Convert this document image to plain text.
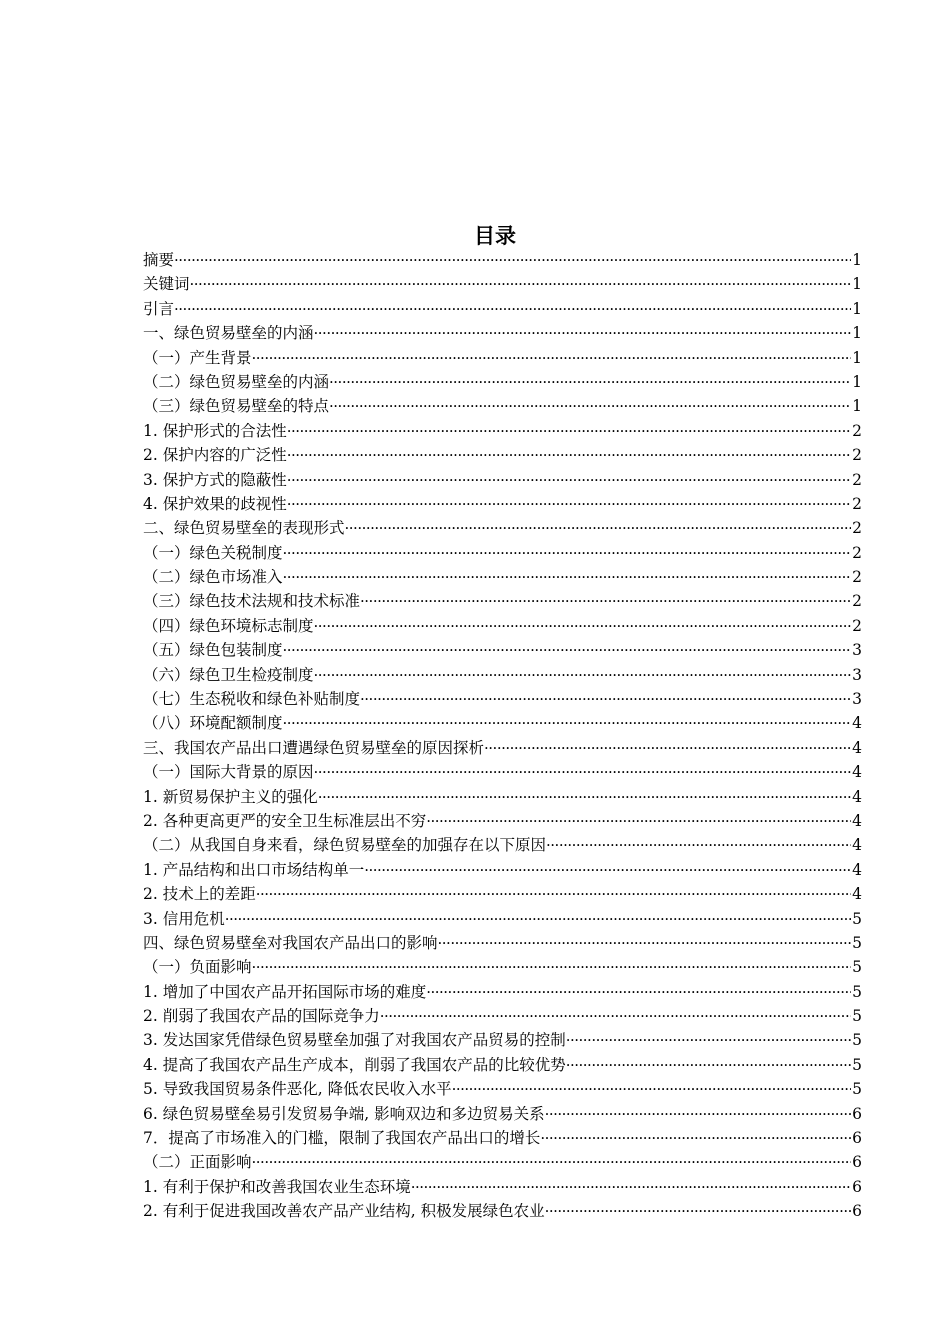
目录
摘要 ·····	1
关键词 ·····	1
引言 ·····	1
一、绿色贸易壁垒的内涵 ·····	1
（一）产生背景 ·····	1
（二）绿色贸易壁垒的内涵 ·····	1
（三）绿色贸易壁垒的特点 ·····	1
1. 保护形式的合法性 ·····	2
2. 保护内容的广泛性 ·····	2
3. 保护方式的隐蔽性 ·····	2
4. 保护效果的歧视性 ·····	2
二、绿色贸易壁垒的表现形式 ·····	2
（一）绿色关税制度 ·····	2
（二）绿色市场准入 ·····	2
（三）绿色技术法规和技术标准 ·····	2
（四）绿色环境标志制度 ·····	2
（五）绿色包装制度 ·····	3
（六）绿色卫生检疫制度 ·····	3
（七）生态税收和绿色补贴制度 ·····	3
（八）环境配额制度 ·····	4
三、我国农产品出口遭遇绿色贸易壁垒的原因探析 ·····	4
（一）国际大背景的原因 ·····	4
1. 新贸易保护主义的强化 ·····	4
2. 各种更高更严的安全卫生标准层出不穷 ·····	4
（二）从我国自身来看，绿色贸易壁垒的加强存在以下原因 ·····	4
1. 产品结构和出口市场结构单一 ·····	4
2. 技术上的差距 ·····	4
3. 信用危机 ·····	5
四、绿色贸易壁垒对我国农产品出口的影响 ·····	5
（一）负面影响 ·····	5
1. 增加了中国农产品开拓国际市场的难度 ·····	5
2. 削弱了我国农产品的国际竞争力 ·····	5
3. 发达国家凭借绿色贸易壁垒加强了对我国农产品贸易的控制 ·····	5
4. 提高了我国农产品生产成本，削弱了我国农产品的比较优势 ·····	5
5. 导致我国贸易条件恶化, 降低农民收入水平 ·····	5
6. 绿色贸易壁垒易引发贸易争端, 影响双边和多边贸易关系 ·····	6
7．提高了市场准入的门槛，限制了我国农产品出口的增长 ·····	6
（二）正面影响 ·····	6
1. 有利于保护和改善我国农业生态环境 ·····	6
2. 有利于促进我国改善农产品产业结构, 积极发展绿色农业 ·····	6
